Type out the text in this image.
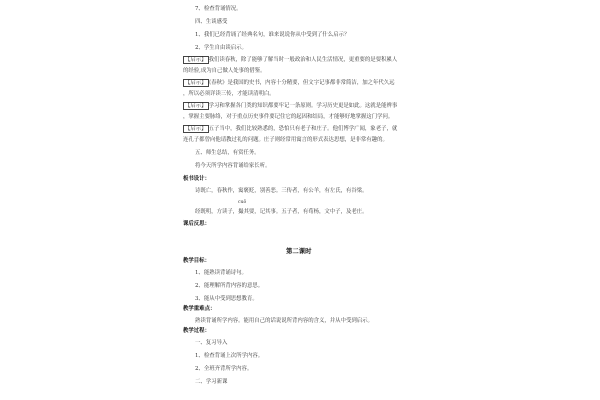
7、检查背诵情况。
四、生谈感受
1、我们已经背诵了经典名句，谁来说说你从中受到了什么启示？
2、学生自由谈启示。
【启示】 我们读春秋，除了能够了解当时一般政治和人民生活情况，更重要的是要积累人
的经验,成为自己做人处事的借鉴。
【启示】 《春秋》是我国的史书，内容十分精要，但文字记事都非常简洁，加之年代久远
，所以必须详读三传，才能读清明白。
【启示】 学习和掌握各门类的知识都要牢记一条原则。学习历史更是如此。这就是能辨事
，掌握主要脉络，对于重点历史事件要记住它的起因和结局，才能够好地掌握这门学问。
【启示】 五子当中，我们比较熟悉的，恐怕只有老子和庄子。他们博学广闻，象老子，就
连孔子都曾向他请教过礼的问题。庄子则经常用寓言的形式表达思想，是非常有趣的。
五、师生总结，有赏任务。
将今天所学内容背诵给家长听。
板书设计：
诗既亡，春秋作，寓褒贬，别善恶。三传者，有公羊，有左氏，有谷梁。
cuō
经既明，方读子，撮其要，记其事。五子者，有荀杨，文中子，及老庄。
课后反思：
第二课时
教学目标：
1、能熟读背诵诗句。
2、能理解所背内容的意思。
3、能从中受到思想教育。
教学重难点：
熟读背诵所学内容。能用自己的话说说所背内容的含义，并从中受到启示。
教学过程：
一、复习导入
1、检查背诵上次所学内容。
2、全班齐背所学内容。
二、学习新课
